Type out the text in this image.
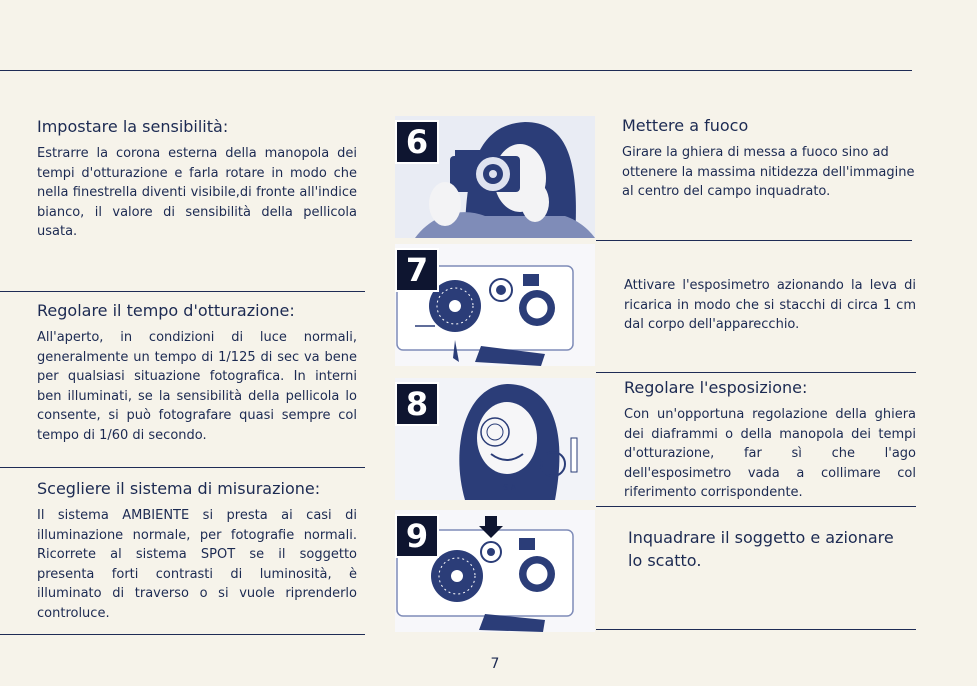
Impostare la sensibilità:

Estrarre la corona esterna della manopola dei tempi d'otturazione e farla rotare in modo che nella finestrella diventi visibile,di fronte all'indice bianco, il valore di sensibilità della pellicola usata.

Regolare il tempo d'otturazione:

All'aperto, in condizioni di luce normali, generalmente un tempo di 1/125 di sec va bene per qualsiasi situazione fotografica. In interni ben illuminati, se la sensibilità della pellicola lo consente, si può fotografare quasi sempre col tempo di 1/60 di secondo.

Scegliere il sistema di misurazione:

Il sistema AMBIENTE si presta ai casi di illuminazione normale, per fotografie normali. Ricorrete al sistema SPOT se il soggetto presenta forti contrasti di luminosità, è illuminato di traverso o si vuole riprenderlo controluce.

6
7
S A
8
9

Mettere a fuoco

Girare la ghiera di messa a fuoco sino ad ottenere la massima nitidezza dell'immagine al centro del campo inquadrato.

Attivare l'esposimetro azionando la leva di ricarica in modo che si stacchi di circa 1 cm dal corpo dell'apparecchio.

Regolare l'esposizione:

Con un'opportuna regolazione della ghiera dei diaframmi o della manopola dei tempi d'otturazione, far sì che l'ago dell'esposimetro vada a collimare col riferimento corrispondente.

Inquadrare il soggetto e azionare lo scatto.

7
